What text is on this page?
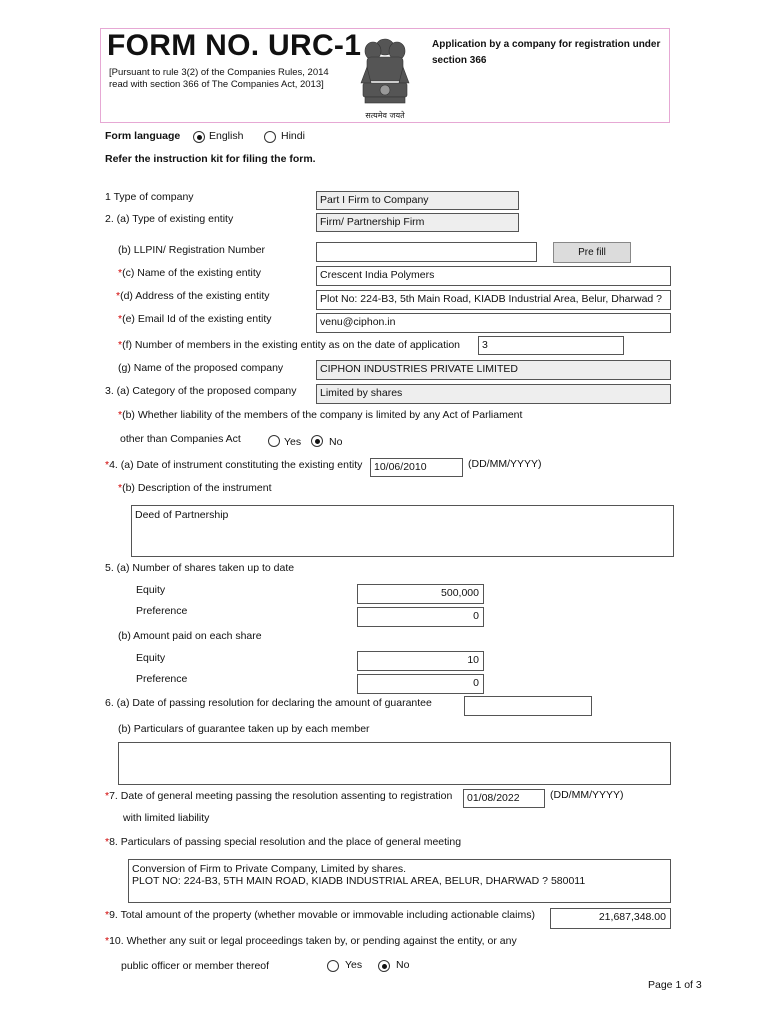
FORM NO. URC-1
[Pursuant to rule 3(2) of the Companies Rules, 2014 read with section 366 of The Companies Act, 2013]
सत्यमेव जयते
Application by a company for registration under section 366
Form language	English	Hindi
Refer the instruction kit for filing the form.
1 Type of company	Part I Firm to Company
2. (a) Type of existing entity	Firm/ Partnership Firm
(b) LLPIN/ Registration Number	Pre fill
*(c) Name of the existing entity	Crescent India Polymers
*(d) Address of the existing entity	Plot No: 224-B3, 5th Main Road, KIADB Industrial Area, Belur, Dharwad ?
*(e) Email Id of the existing entity	venu@ciphon.in
*(f) Number of members in the existing entity as on the date of application	3
(g) Name of the proposed company	CIPHON INDUSTRIES PRIVATE LIMITED
3. (a) Category of the proposed company	Limited by shares
*(b) Whether liability of the members of the company is limited by any Act of Parliament
other than Companies Act	Yes	No
*4. (a) Date of instrument constituting the existing entity	10/06/2010	(DD/MM/YYYY)
*(b) Description of the instrument
Deed of Partnership
5. (a) Number of shares taken up to date
Equity	500,000
Preference	0
(b) Amount paid on each share
Equity	10
Preference	0
6. (a) Date of passing resolution for declaring the amount of guarantee
(b) Particulars of guarantee taken up by each member
*7. Date of general meeting passing the resolution assenting to registration
with limited liability
01/08/2022	(DD/MM/YYYY)
*8. Particulars of passing special resolution and the place of general meeting
Conversion of Firm to Private Company, Limited by shares.
PLOT NO: 224-B3, 5TH MAIN ROAD, KIADB INDUSTRIAL AREA, BELUR, DHARWAD ? 580011
*9. Total amount of the property (whether movable or immovable including actionable claims)	21,687,348.00
*10. Whether any suit or legal proceedings taken by, or pending against the entity, or any
public officer or member thereof	Yes	No
Page 1 of 3
